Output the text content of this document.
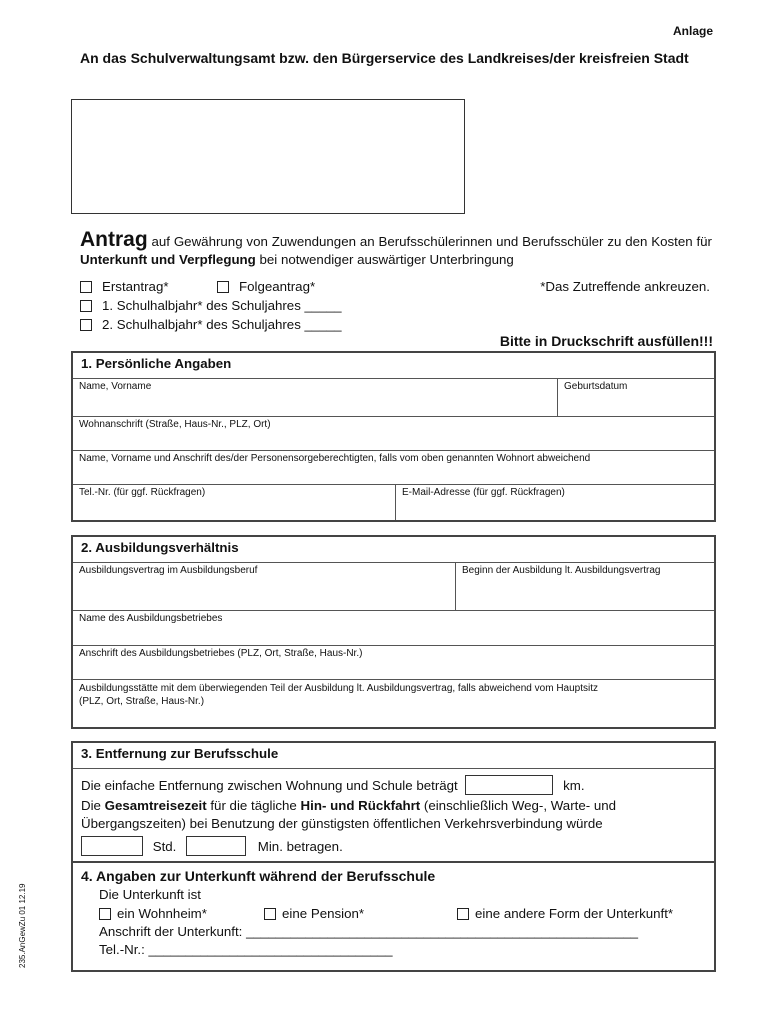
Anlage
An das Schulverwaltungsamt bzw. den Bürgerservice des Landkreises/der kreisfreien Stadt
Antrag auf Gewährung von Zuwendungen an Berufsschülerinnen und Berufsschüler zu den Kosten für Unterkunft und Verpflegung bei notwendiger auswärtiger Unterbringung
Erstantrag*	Folgeantrag*	*Das Zutreffende ankreuzen.
1. Schulhalbjahr* des Schuljahres _____
2. Schulhalbjahr* des Schuljahres _____
Bitte in Druckschrift ausfüllen!!!
1. Persönliche Angaben
Name, Vorname	Geburtsdatum
Wohnanschrift (Straße, Haus-Nr., PLZ, Ort)
Name, Vorname und Anschrift des/der Personensorgeberechtigten, falls vom oben genannten Wohnort abweichend
Tel.-Nr. (für ggf. Rückfragen)	E-Mail-Adresse (für ggf. Rückfragen)
2. Ausbildungsverhältnis
Ausbildungsvertrag im Ausbildungsberuf	Beginn der Ausbildung lt. Ausbildungsvertrag
Name des Ausbildungsbetriebes
Anschrift des Ausbildungsbetriebes (PLZ, Ort, Straße, Haus-Nr.)
Ausbildungsstätte mit dem überwiegenden Teil der Ausbildung lt. Ausbildungsvertrag, falls abweichend vom Hauptsitz
(PLZ, Ort, Straße, Haus-Nr.)
3. Entfernung zur Berufsschule
Die einfache Entfernung zwischen Wohnung und Schule beträgt	km.
Die Gesamtreisezeit für die tägliche Hin- und Rückfahrt (einschließlich Weg-, Warte- und
Übergangszeiten) bei Benutzung der günstigsten öffentlichen Verkehrsverbindung würde
Std.	Min. betragen.
4. Angaben zur Unterkunft während der Berufsschule
Die Unterkunft ist
ein Wohnheim*	eine Pension*	eine andere Form der Unterkunft*
Anschrift der Unterkunft: _____________________________________________________
Tel.-Nr.: _________________________________
235.AnGewZu 01 12.19
